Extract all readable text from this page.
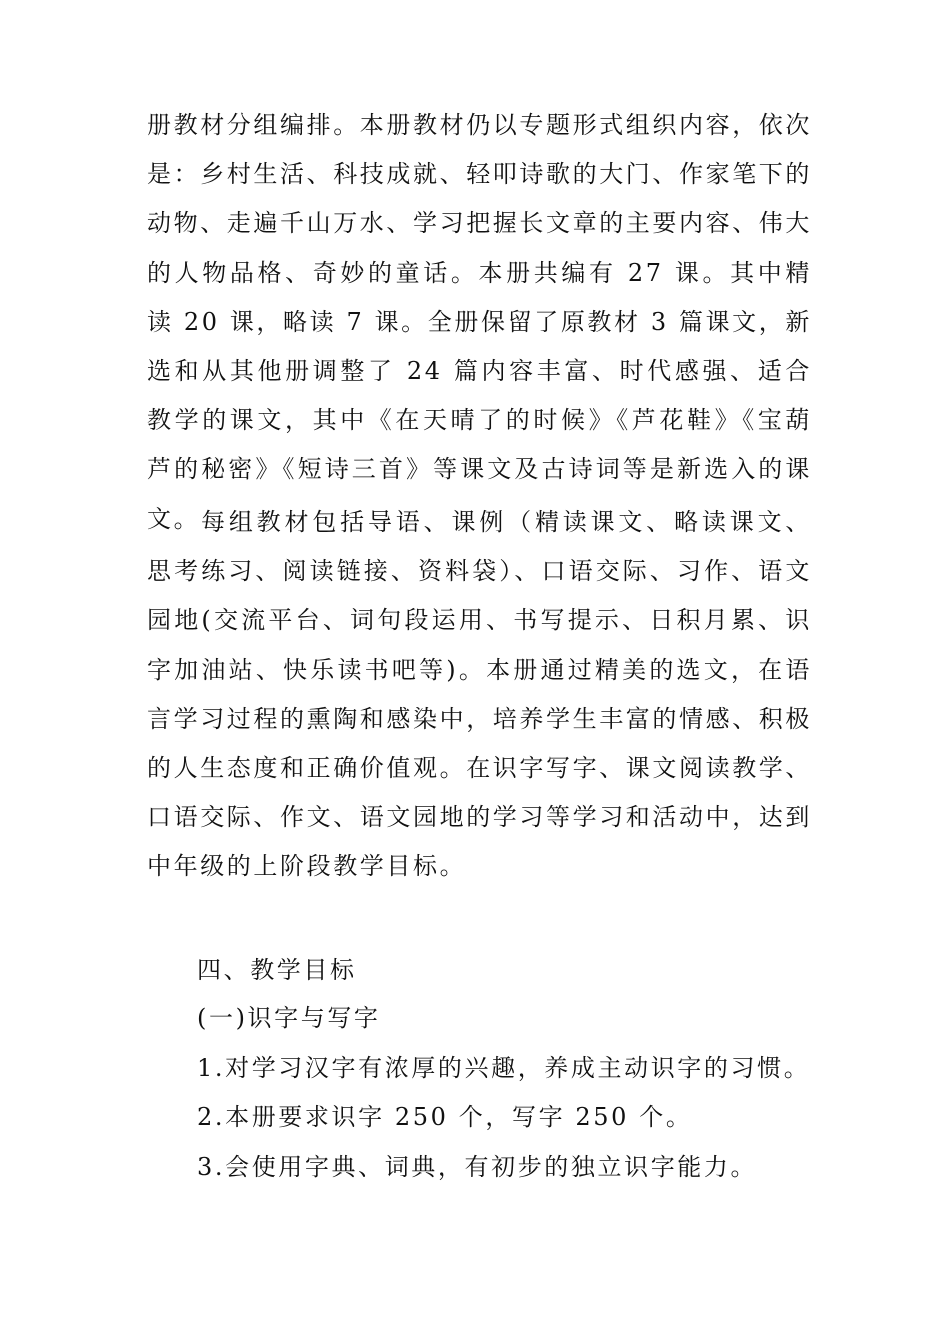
册教材分组编排。本册教材仍以专题形式组织内容，依次是：乡村生活、科技成就、轻叩诗歌的大门、作家笔下的动物、走遍千山万水、学习把握长文章的主要内容、伟大的人物品格、奇妙的童话。本册共编有 27 课。其中精读 20 课，略读 7 课。全册保留了原教材 3 篇课文，新选和从其他册调整了 24 篇内容丰富、时代感强、适合教学的课文，其中《在天晴了的时候》《芦花鞋》《宝葫芦的秘密》《短诗三首》等课文及古诗词等是新选入的课文。 每组教材包括导语、课例（精读课文、略读课文、思考练习、阅读链接、资料袋）、口语交际、习作、语文园地(交流平台、词句段运用、书写提示、日积月累、识字加油站、快乐读书吧等)。本册通过精美的选文，在语言学习过程的熏陶和感染中，培养学生丰富的情感、积极的人生态度和正确价值观。在识字写字、课文阅读教学、口语交际、作文、语文园地的学习等学习和活动中，达到中年级的上阶段教学目标。

四、教学目标
(一)识字与写字
1.对学习汉字有浓厚的兴趣，养成主动识字的习惯。
2.本册要求识字 250 个，写字 250 个。
3.会使用字典、词典，有初步的独立识字能力。
